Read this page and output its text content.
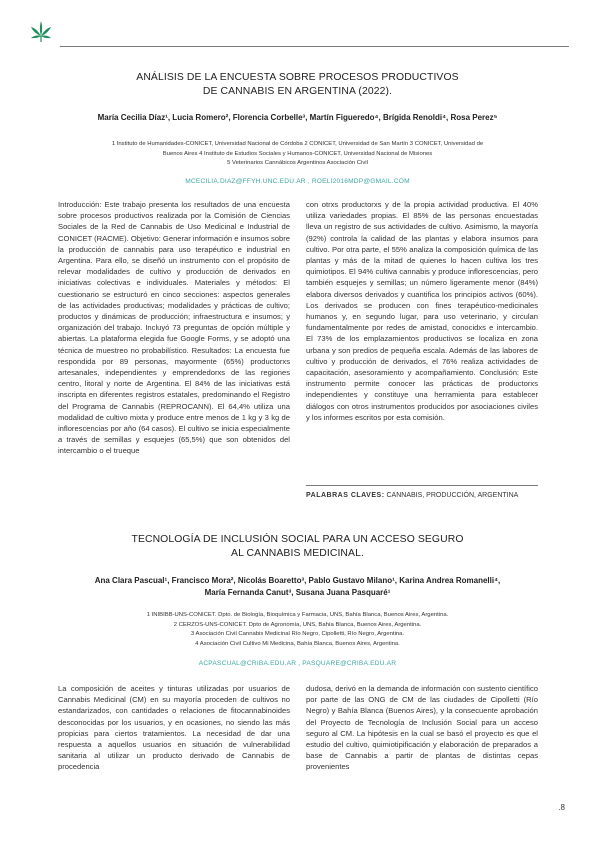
ANÁLISIS DE LA ENCUESTA SOBRE PROCESOS PRODUCTIVOS
DE CANNABIS EN ARGENTINA (2022).
María Cecilia Díaz¹, Lucia Romero², Florencia Corbelle³, Martín Figueredo⁴, Brígida Renoldi⁴, Rosa Perez⁵
1 Instituto de Humanidades-CONICET, Universidad Nacional de Córdoba 2 CONICET, Universidad de San Martín 3 CONICET, Universidad de
Buenos Aires 4 Instituto de Estudios Sociales y Humanos-CONICET, Universidad Nacional de Misiones
5 Veterinarios Cannábicos Argentinos Asociación Civil
MCECILIA.DIAZ@FFYH.UNC.EDU.AR , ROELI2016MDP@GMAIL.COM
Introducción: Este trabajo presenta los resultados de una encuesta sobre procesos productivos realizada por la Comisión de Ciencias Sociales de la Red de Cannabis de Uso Medicinal e Industrial de CONICET (RACME). Objetivo: Generar información e insumos sobre la producción de cannabis para uso terapéutico e industrial en Argentina. Para ello, se diseñó un instrumento con el propósito de relevar modalidades de cultivo y producción de derivados en iniciativas colectivas e individuales. Materiales y métodos: El cuestionario se estructuró en cinco secciones: aspectos generales de las actividades productivas; modalidades y prácticas de cultivo; productos y dinámicas de producción; infraestructura e insumos; y organización del trabajo. Incluyó 73 preguntas de opción múltiple y abiertas. La plataforma elegida fue Google Forms, y se adoptó una técnica de muestreo no probabilístico. Resultados: La encuesta fue respondida por 89 personas, mayormente (65%) productorxs artesanales, independientes y emprendedorxs de las regiones centro, litoral y norte de Argentina. El 84% de las iniciativas está inscripta en diferentes registros estatales, predominando el Registro del Programa de Cannabis (REPROCANN). El 64,4% utiliza una modalidad de cultivo mixta y produce entre menos de 1 kg y 3 kg de inflorescencias por año (64 casos). El cultivo se inicia especialmente a través de semillas y esquejes (65,5%) que son obtenidos del intercambio o el trueque
con otrxs productorxs y de la propia actividad productiva. El 40% utiliza variedades propias. El 85% de las personas encuestadas lleva un registro de sus actividades de cultivo. Asimismo, la mayoría (92%) controla la calidad de las plantas y elabora insumos para cultivo. Por otra parte, el 55% analiza la composición química de las plantas y más de la mitad de quienes lo hacen cultiva los tres quimiotipos. El 94% cultiva cannabis y produce inflorescencias, pero también esquejes y semillas; un número ligeramente menor (84%) elabora diversos derivados y cuantifica los principios activos (60%). Los derivados se producen con fines terapéutico-medicinales humanos y, en segundo lugar, para uso veterinario, y circulan fundamentalmente por redes de amistad, conocidxs e intercambio. El 73% de los emplazamientos productivos se localiza en zona urbana y son predios de pequeña escala. Además de las labores de cultivo y producción de derivados, el 76% realiza actividades de capacitación, asesoramiento y acompañamiento. Conclusión: Este instrumento permite conocer las prácticas de productorxs independientes y constituye una herramienta para establecer diálogos con otros instrumentos producidos por asociaciones civiles y los informes escritos por esta comisión.
PALABRAS CLAVES: CANNABIS, PRODUCCIÓN, ARGENTINA
TECNOLOGÍA DE INCLUSIÓN SOCIAL PARA UN ACCESO SEGURO
AL CANNABIS MEDICINAL.
Ana Clara Pascual¹, Francisco Mora², Nicolás Boaretto³, Pablo Gustavo Milano¹, Karina Andrea Romanelli⁴,
María Fernanda Canut³, Susana Juana Pasquaré¹
1 INIBIBB-UNS-CONICET. Dpto. de Biología, Bioquímica y Farmacia, UNS, Bahía Blanca, Buenos Aires, Argentina.
2 CERZOS-UNS-CONICET. Dpto de Agronomía, UNS, Bahía Blanca, Buenos Aires, Argentina.
3 Asociación Civil Cannabis Medicinal Río Negro, Cipolletti, Río Negro, Argentina.
4 Asociación Civil Cultivo Mi Medicina, Bahía Blanca, Buenos Aires, Argentina.
ACPASCUAL@CRIBA.EDU.AR , PASQUARE@CRIBA.EDU.AR
La composición de aceites y tinturas utilizadas por usuarios de Cannabis Medicinal (CM) en su mayoría proceden de cultivos no estandarizados, con cantidades o relaciones de fitocannabinoides desconocidas por los usuarios, y en ocasiones, no siendo las más propicias para ciertos tratamientos. La necesidad de dar una respuesta a aquellos usuarios en situación de vulnerabilidad sanitaria al utilizar un producto derivado de Cannabis de procedencia
dudosa, derivó en la demanda de información con sustento científico por parte de las ONG de CM de las ciudades de Cipolletti (Río Negro) y Bahía Blanca (Buenos Aires), y la consecuente aprobación del Proyecto de Tecnología de Inclusión Social para un acceso seguro al CM. La hipótesis en la cual se basó el proyecto es que el estudio del cultivo, quimiotipificación y elaboración de preparados a base de Cannabis a partir de plantas de distintas cepas provenientes
.8
